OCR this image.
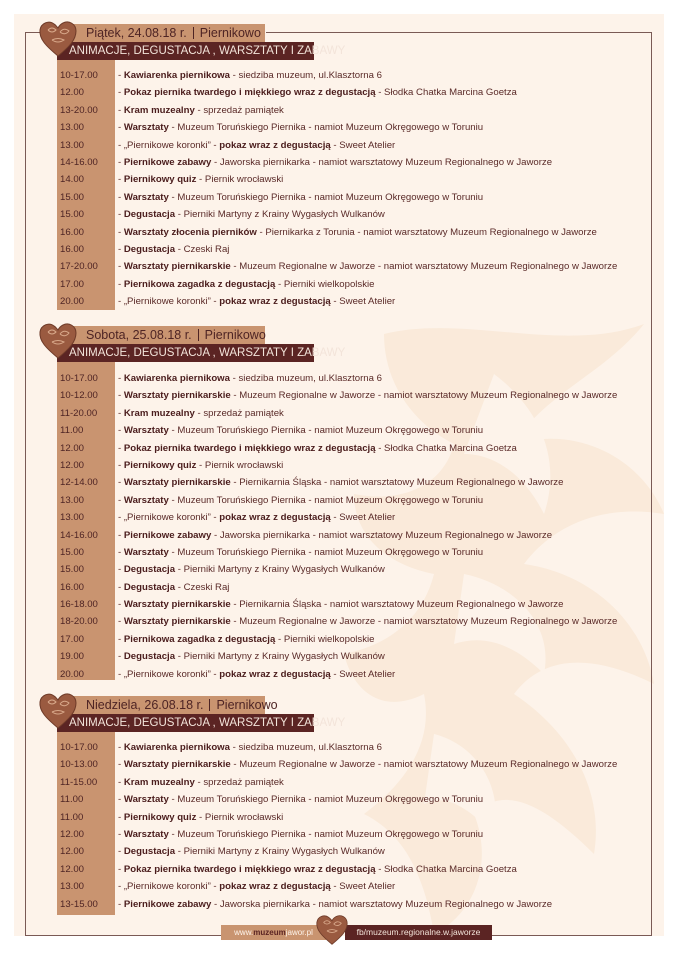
Piątek, 24.08.18 r. Piernikowo
ANIMACJE, DEGUSTACJA , WARSZTATY I ZABAWY
10-17.00	- Kawiarenka piernikowa - siedziba muzeum, ul.Klasztorna 6
12.00	- Pokaz piernika twardego i miękkiego wraz z degustacją - Słodka Chatka Marcina Goetza
13-20.00	- Kram muzealny - sprzedaż pamiątek
13.00	- Warsztaty - Muzeum Toruńskiego Piernika - namiot Muzeum Okręgowego w Toruniu
13.00	- „Piernikowe koronki” - pokaz wraz z degustacją - Sweet Atelier
14-16.00	- Piernikowe zabawy - Jaworska piernikarka - namiot warsztatowy Muzeum Regionalnego w Jaworze
14.00	- Piernikowy quiz - Piernik wrocławski
15.00	- Warsztaty - Muzeum Toruńskiego Piernika - namiot Muzeum Okręgowego w Toruniu
15.00	- Degustacja - Pierniki Martyny z Krainy Wygasłych Wulkanów
16.00	- Warsztaty złocenia pierników - Piernikarka z Torunia - namiot warsztatowy Muzeum Regionalnego w Jaworze
16.00	- Degustacja - Czeski Raj
17-20.00	- Warsztaty piernikarskie - Muzeum Regionalne w Jaworze - namiot warsztatowy Muzeum Regionalnego w Jaworze
17.00	- Piernikowa zagadka z degustacją - Pierniki wielkopolskie
20.00	- „Piernikowe koronki” - pokaz wraz z degustacją - Sweet Atelier
Sobota, 25.08.18 r. Piernikowo
ANIMACJE, DEGUSTACJA , WARSZTATY I ZABAWY
10-17.00	- Kawiarenka piernikowa - siedziba muzeum, ul.Klasztorna 6
10-12.00	- Warsztaty piernikarskie - Muzeum Regionalne w Jaworze - namiot warsztatowy Muzeum Regionalnego w Jaworze
11-20.00	- Kram muzealny - sprzedaż pamiątek
11.00	- Warsztaty - Muzeum Toruńskiego Piernika - namiot Muzeum Okręgowego w Toruniu
12.00	- Pokaz piernika twardego i miękkiego wraz z degustacją - Słodka Chatka Marcina Goetza
12.00	- Piernikowy quiz - Piernik wrocławski
12-14.00	- Warsztaty piernikarskie - Piernikarnia Śląska - namiot warsztatowy Muzeum Regionalnego w Jaworze
13.00	- Warsztaty - Muzeum Toruńskiego Piernika - namiot Muzeum Okręgowego w Toruniu
13.00	- „Piernikowe koronki” - pokaz wraz z degustacją - Sweet Atelier
14-16.00	- Piernikowe zabawy - Jaworska piernikarka - namiot warsztatowy Muzeum Regionalnego w Jaworze
15.00	- Warsztaty - Muzeum Toruńskiego Piernika - namiot Muzeum Okręgowego w Toruniu
15.00	- Degustacja - Pierniki Martyny z Krainy Wygasłych Wulkanów
16.00	- Degustacja - Czeski Raj
16-18.00	- Warsztaty piernikarskie - Piernikarnia Śląska - namiot warsztatowy Muzeum Regionalnego w Jaworze
18-20.00	- Warsztaty piernikarskie - Muzeum Regionalne w Jaworze - namiot warsztatowy Muzeum Regionalnego w Jaworze
17.00	- Piernikowa zagadka z degustacją - Pierniki wielkopolskie
19.00	- Degustacja - Pierniki Martyny z Krainy Wygasłych Wulkanów
20.00	- „Piernikowe koronki” - pokaz wraz z degustacją - Sweet Atelier
Niedziela, 26.08.18 r. Piernikowo
ANIMACJE, DEGUSTACJA , WARSZTATY I ZABAWY
10-17.00	- Kawiarenka piernikowa - siedziba muzeum, ul.Klasztorna 6
10-13.00	- Warsztaty piernikarskie - Muzeum Regionalne w Jaworze - namiot warsztatowy Muzeum Regionalnego w Jaworze
11-15.00	- Kram muzealny - sprzedaż pamiątek
11.00	- Warsztaty - Muzeum Toruńskiego Piernika - namiot Muzeum Okręgowego w Toruniu
11.00	- Piernikowy quiz - Piernik wrocławski
12.00	- Warsztaty - Muzeum Toruńskiego Piernika - namiot Muzeum Okręgowego w Toruniu
12.00	- Degustacja - Pierniki Martyny z Krainy Wygasłych Wulkanów
12.00	- Pokaz piernika twardego i miękkiego wraz z degustacją - Słodka Chatka Marcina Goetza
13.00	- „Piernikowe koronki” - pokaz wraz z degustacją - Sweet Atelier
13-15.00	- Piernikowe zabawy - Jaworska piernikarka - namiot warsztatowy Muzeum Regionalnego w Jaworze
www.muzeumjawor.pl	fb/muzeum.regionalne.w.jaworze
